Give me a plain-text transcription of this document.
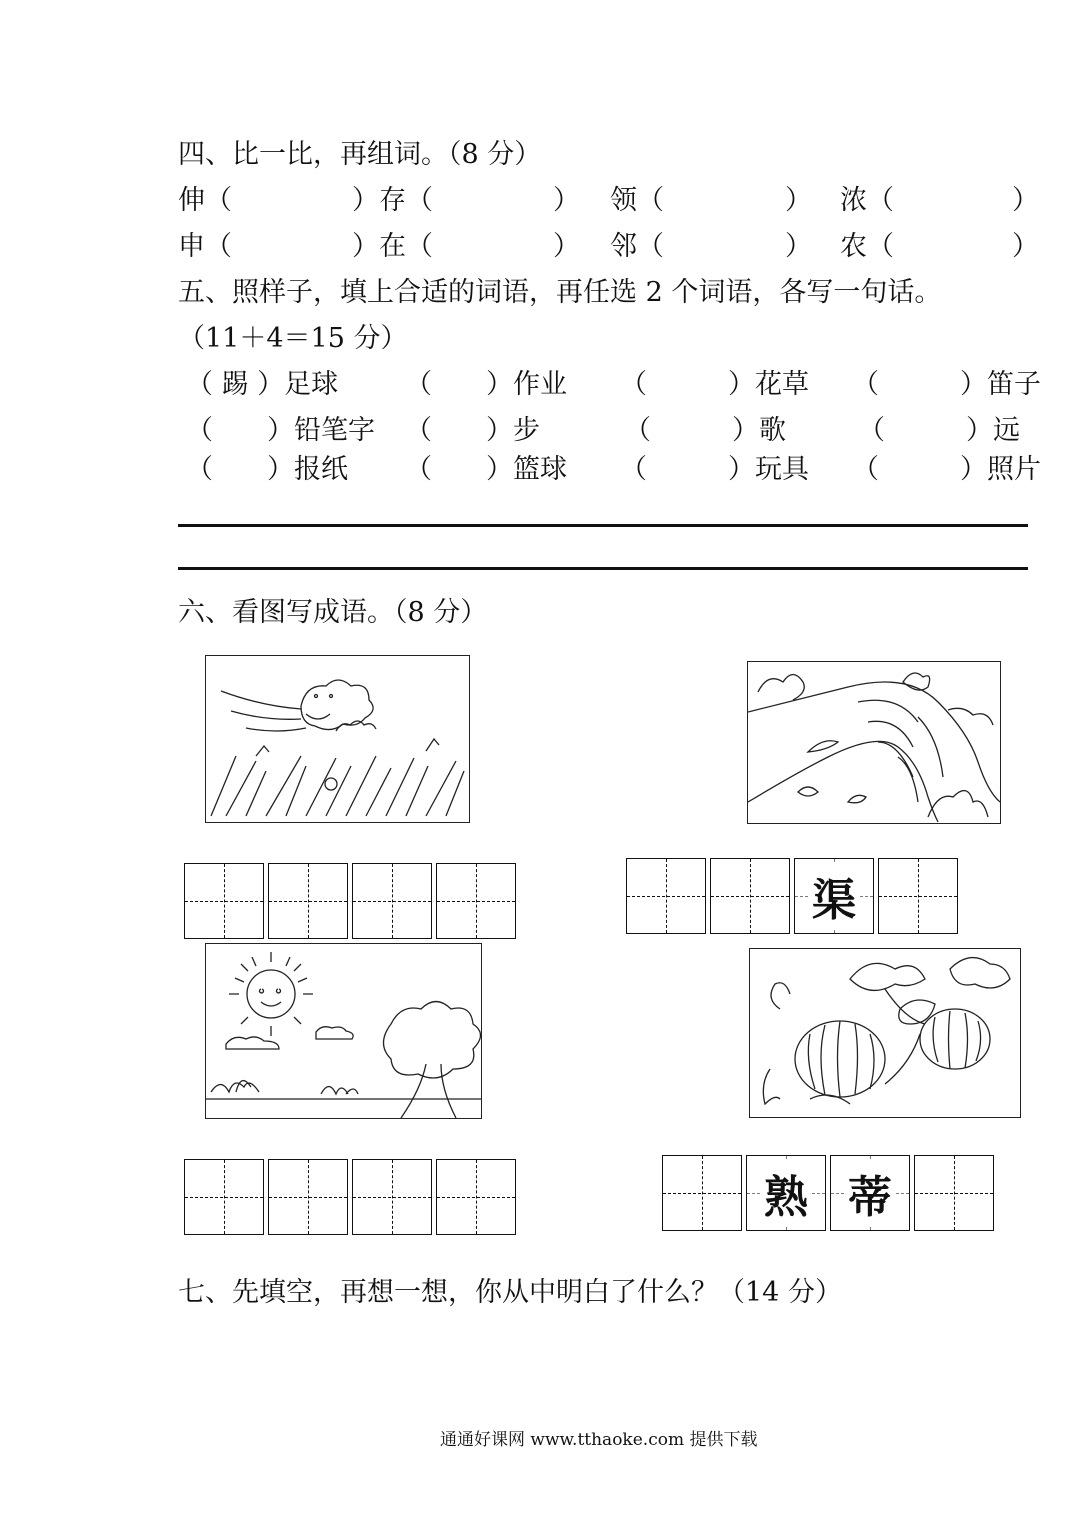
四、比一比，再组词。（8 分）
伸（	）存（	） 领（	） 浓（	）
申（	）在（	） 邻（	） 农（	）
五、照样子，填上合适的词语，再任选 2 个词语，各写一句话。
（11＋4＝15 分）
（ 踢 ）足球 （　　）作业 （　　　）花草 （　　　）笛子
（　　）铅笔字 （　　）步	（　　　）歌	（　　　）远
（　　）报纸 （　　）篮球 （　　　）玩具 （　　　）照片
六、看图写成语。（8 分）
渠
熟 蒂
七、先填空，再想一想，你从中明白了什么？（14 分）
通通好课网 www.tthaoke.com 提供下载
